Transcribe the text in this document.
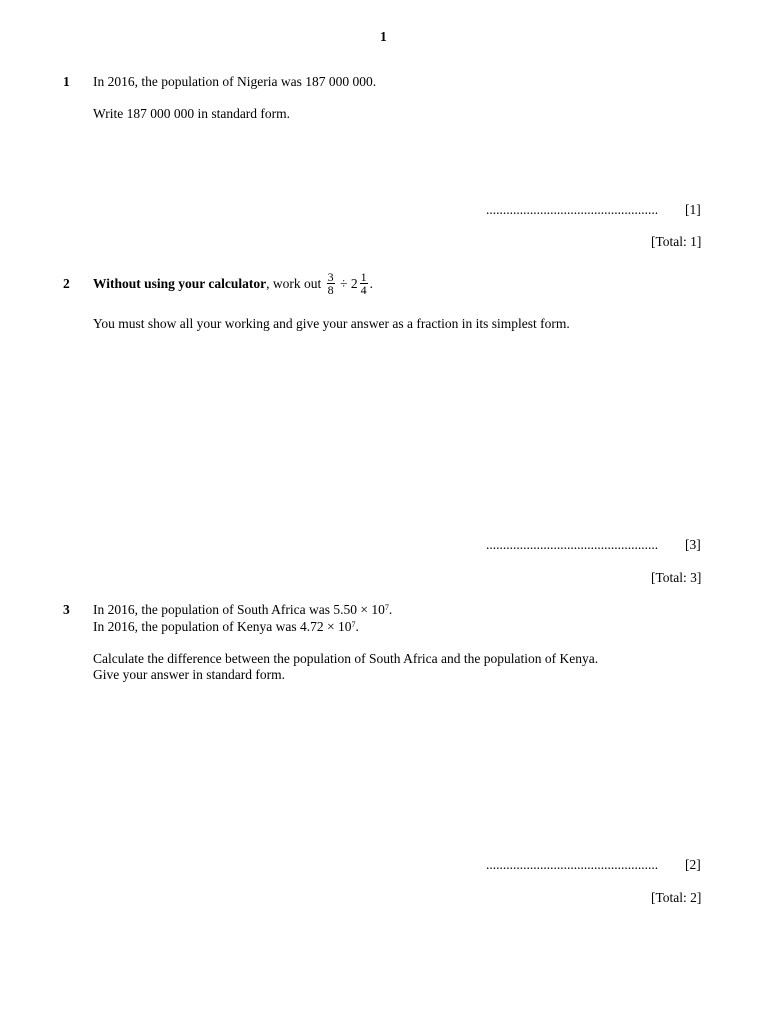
1
1 In 2016, the population of Nigeria was 187 000 000.
Write 187 000 000 in standard form.
................................................... [1]
[Total: 1]
2 Without using your calculator, work out $\frac{3}{8} \div 2 \frac{1}{4}$ .
You must show all your working and give your answer as a fraction in its simplest form.
................................................... [3]
[Total: 3]
3 In 2016, the population of South Africa was $5.50 \times 10^7$.
In 2016, the population of Kenya was $4.72 \times 10^7$.
Calculate the difference between the population of South Africa and the population of Kenya.
Give your answer in standard form.
................................................... [2]
[Total: 2]
